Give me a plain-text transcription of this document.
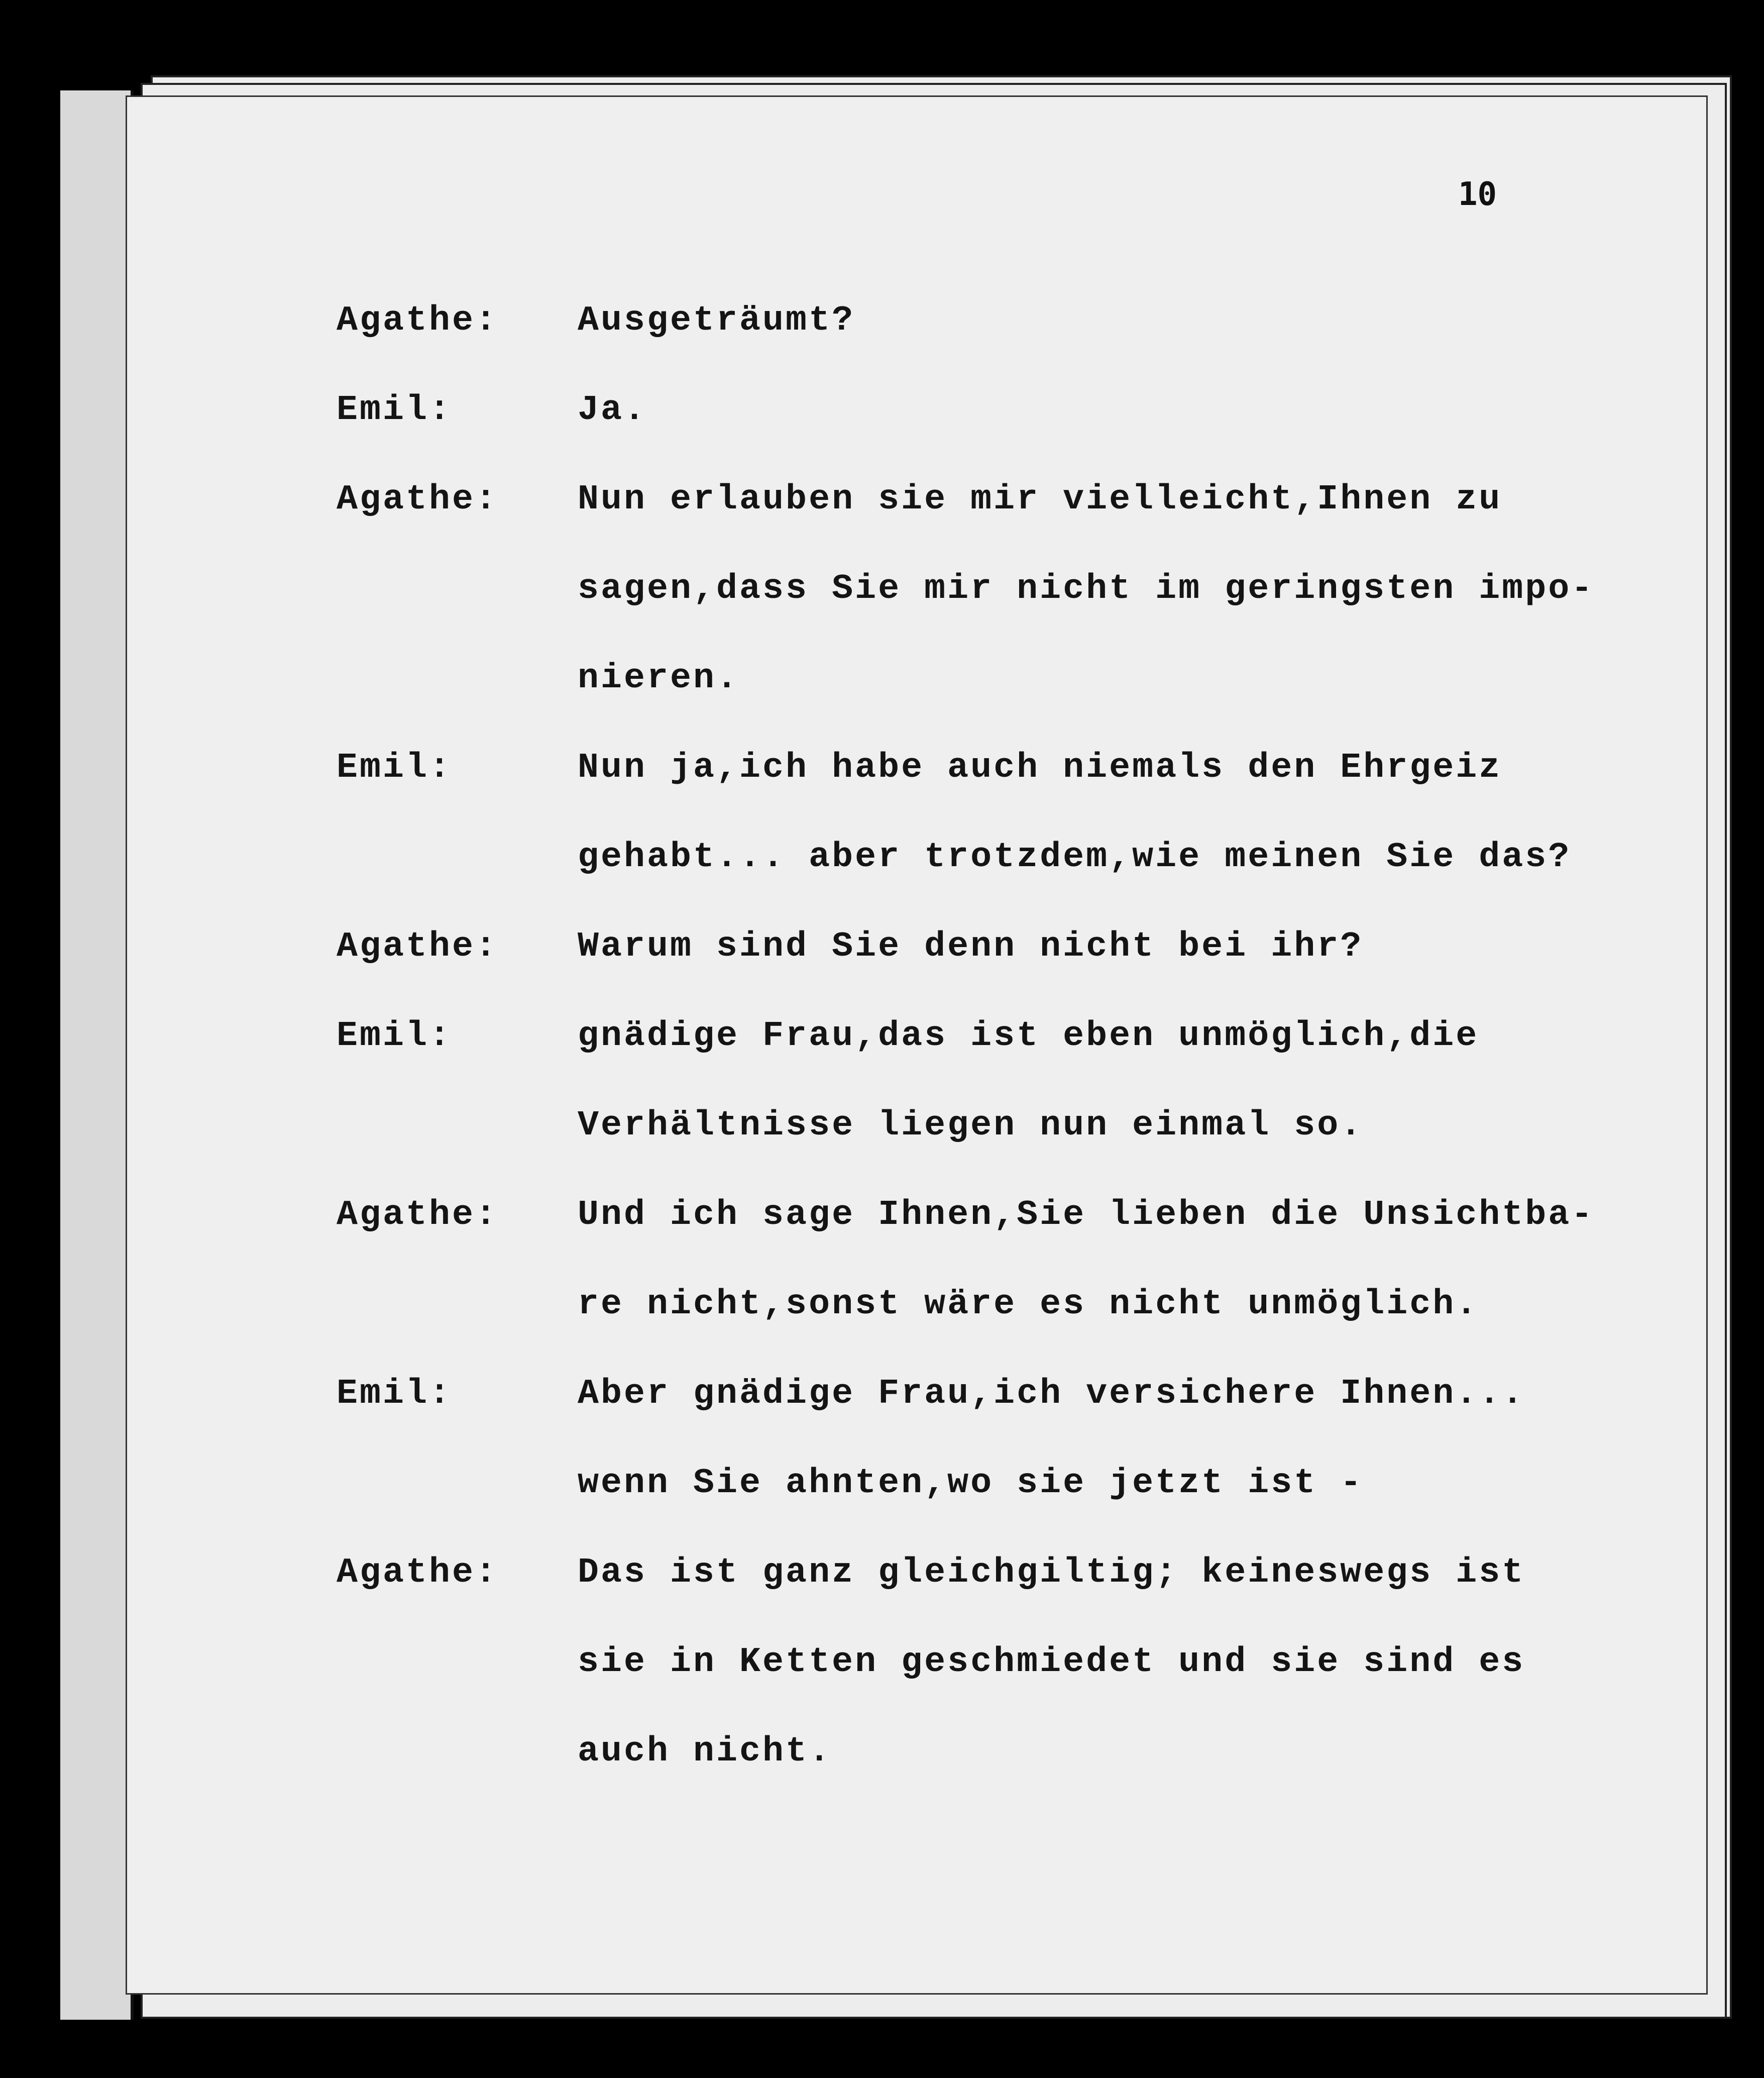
10
Agathe:	Ausgeträumt?
Emil:	Ja.
Agathe:	Nun erlauben sie mir vielleicht,Ihnen zu
sagen,dass Sie mir nicht im geringsten impo-
nieren.
Emil:	Nun ja,ich habe auch niemals den Ehrgeiz
gehabt... aber trotzdem,wie meinen Sie das?
Agathe:	Warum sind Sie denn nicht bei ihr?
Emil:	gnädige Frau,das ist eben unmöglich,die
Verhältnisse liegen nun einmal so.
Agathe:	Und ich sage Ihnen,Sie lieben die Unsichtba-
re nicht,sonst wäre es nicht unmöglich.
Emil:	Aber gnädige Frau,ich versichere Ihnen...
wenn Sie ahnten,wo sie jetzt ist -
Agathe:	Das ist ganz gleichgiltig; keineswegs ist
sie in Ketten geschmiedet und sie sind es
auch nicht.
